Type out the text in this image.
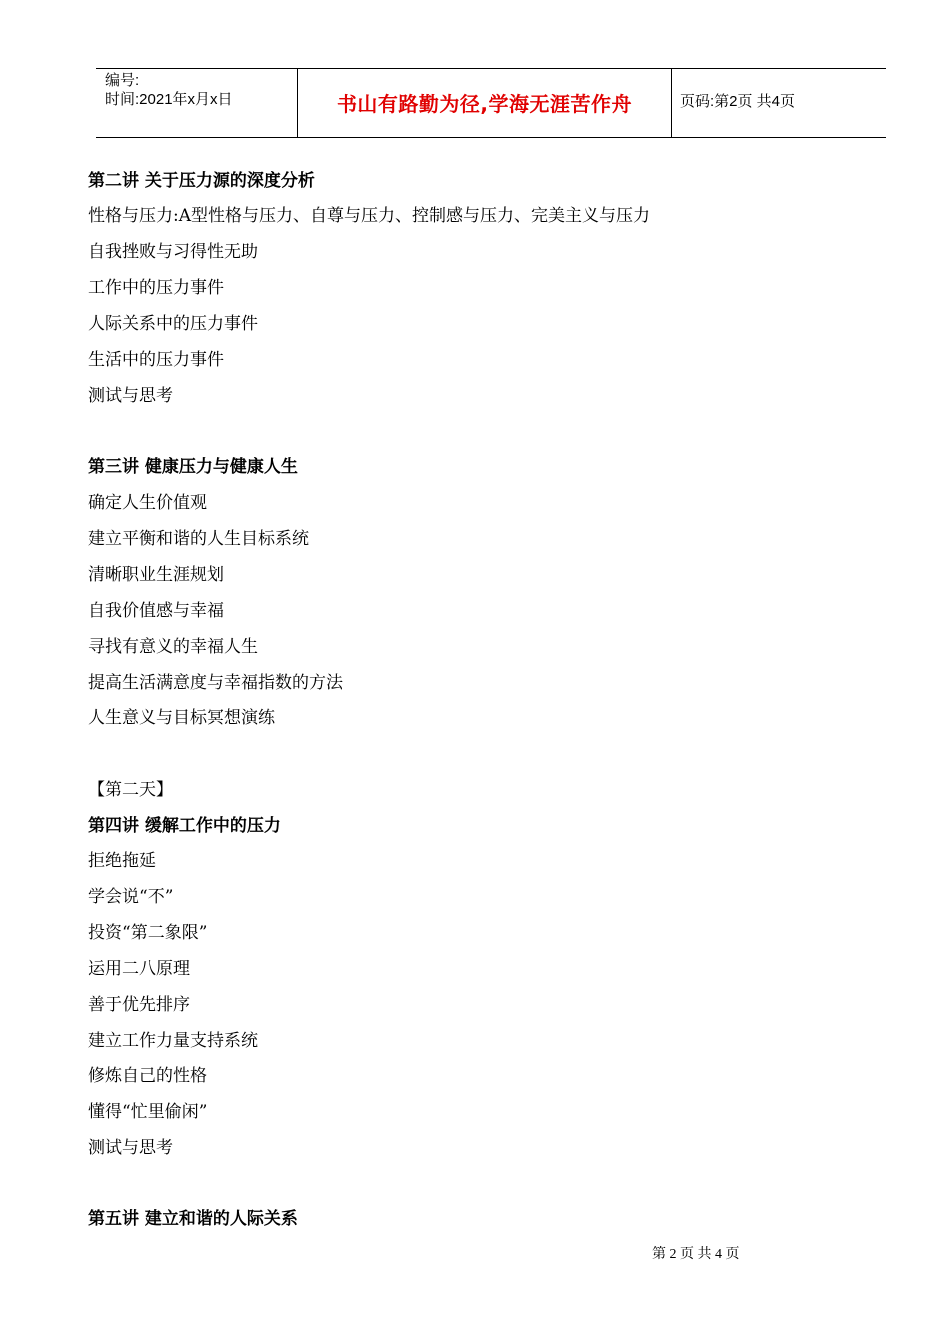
编号:
时间:2021年x月x日	书山有路勤为径,学海无涯苦作舟	页码:第2页 共4页
第二讲 关于压力源的深度分析
性格与压力:A型性格与压力、自尊与压力、控制感与压力、完美主义与压力
自我挫败与习得性无助
工作中的压力事件
人际关系中的压力事件
生活中的压力事件
测试与思考
第三讲 健康压力与健康人生
确定人生价值观
建立平衡和谐的人生目标系统
清晰职业生涯规划
自我价值感与幸福
寻找有意义的幸福人生
提高生活满意度与幸福指数的方法
人生意义与目标冥想演练
【第二天】
第四讲 缓解工作中的压力
拒绝拖延
学会说“不”
投资“第二象限”
运用二八原理
善于优先排序
建立工作力量支持系统
修炼自己的性格
懂得“忙里偷闲”
测试与思考
第五讲 建立和谐的人际关系
第 2 页 共 4 页
